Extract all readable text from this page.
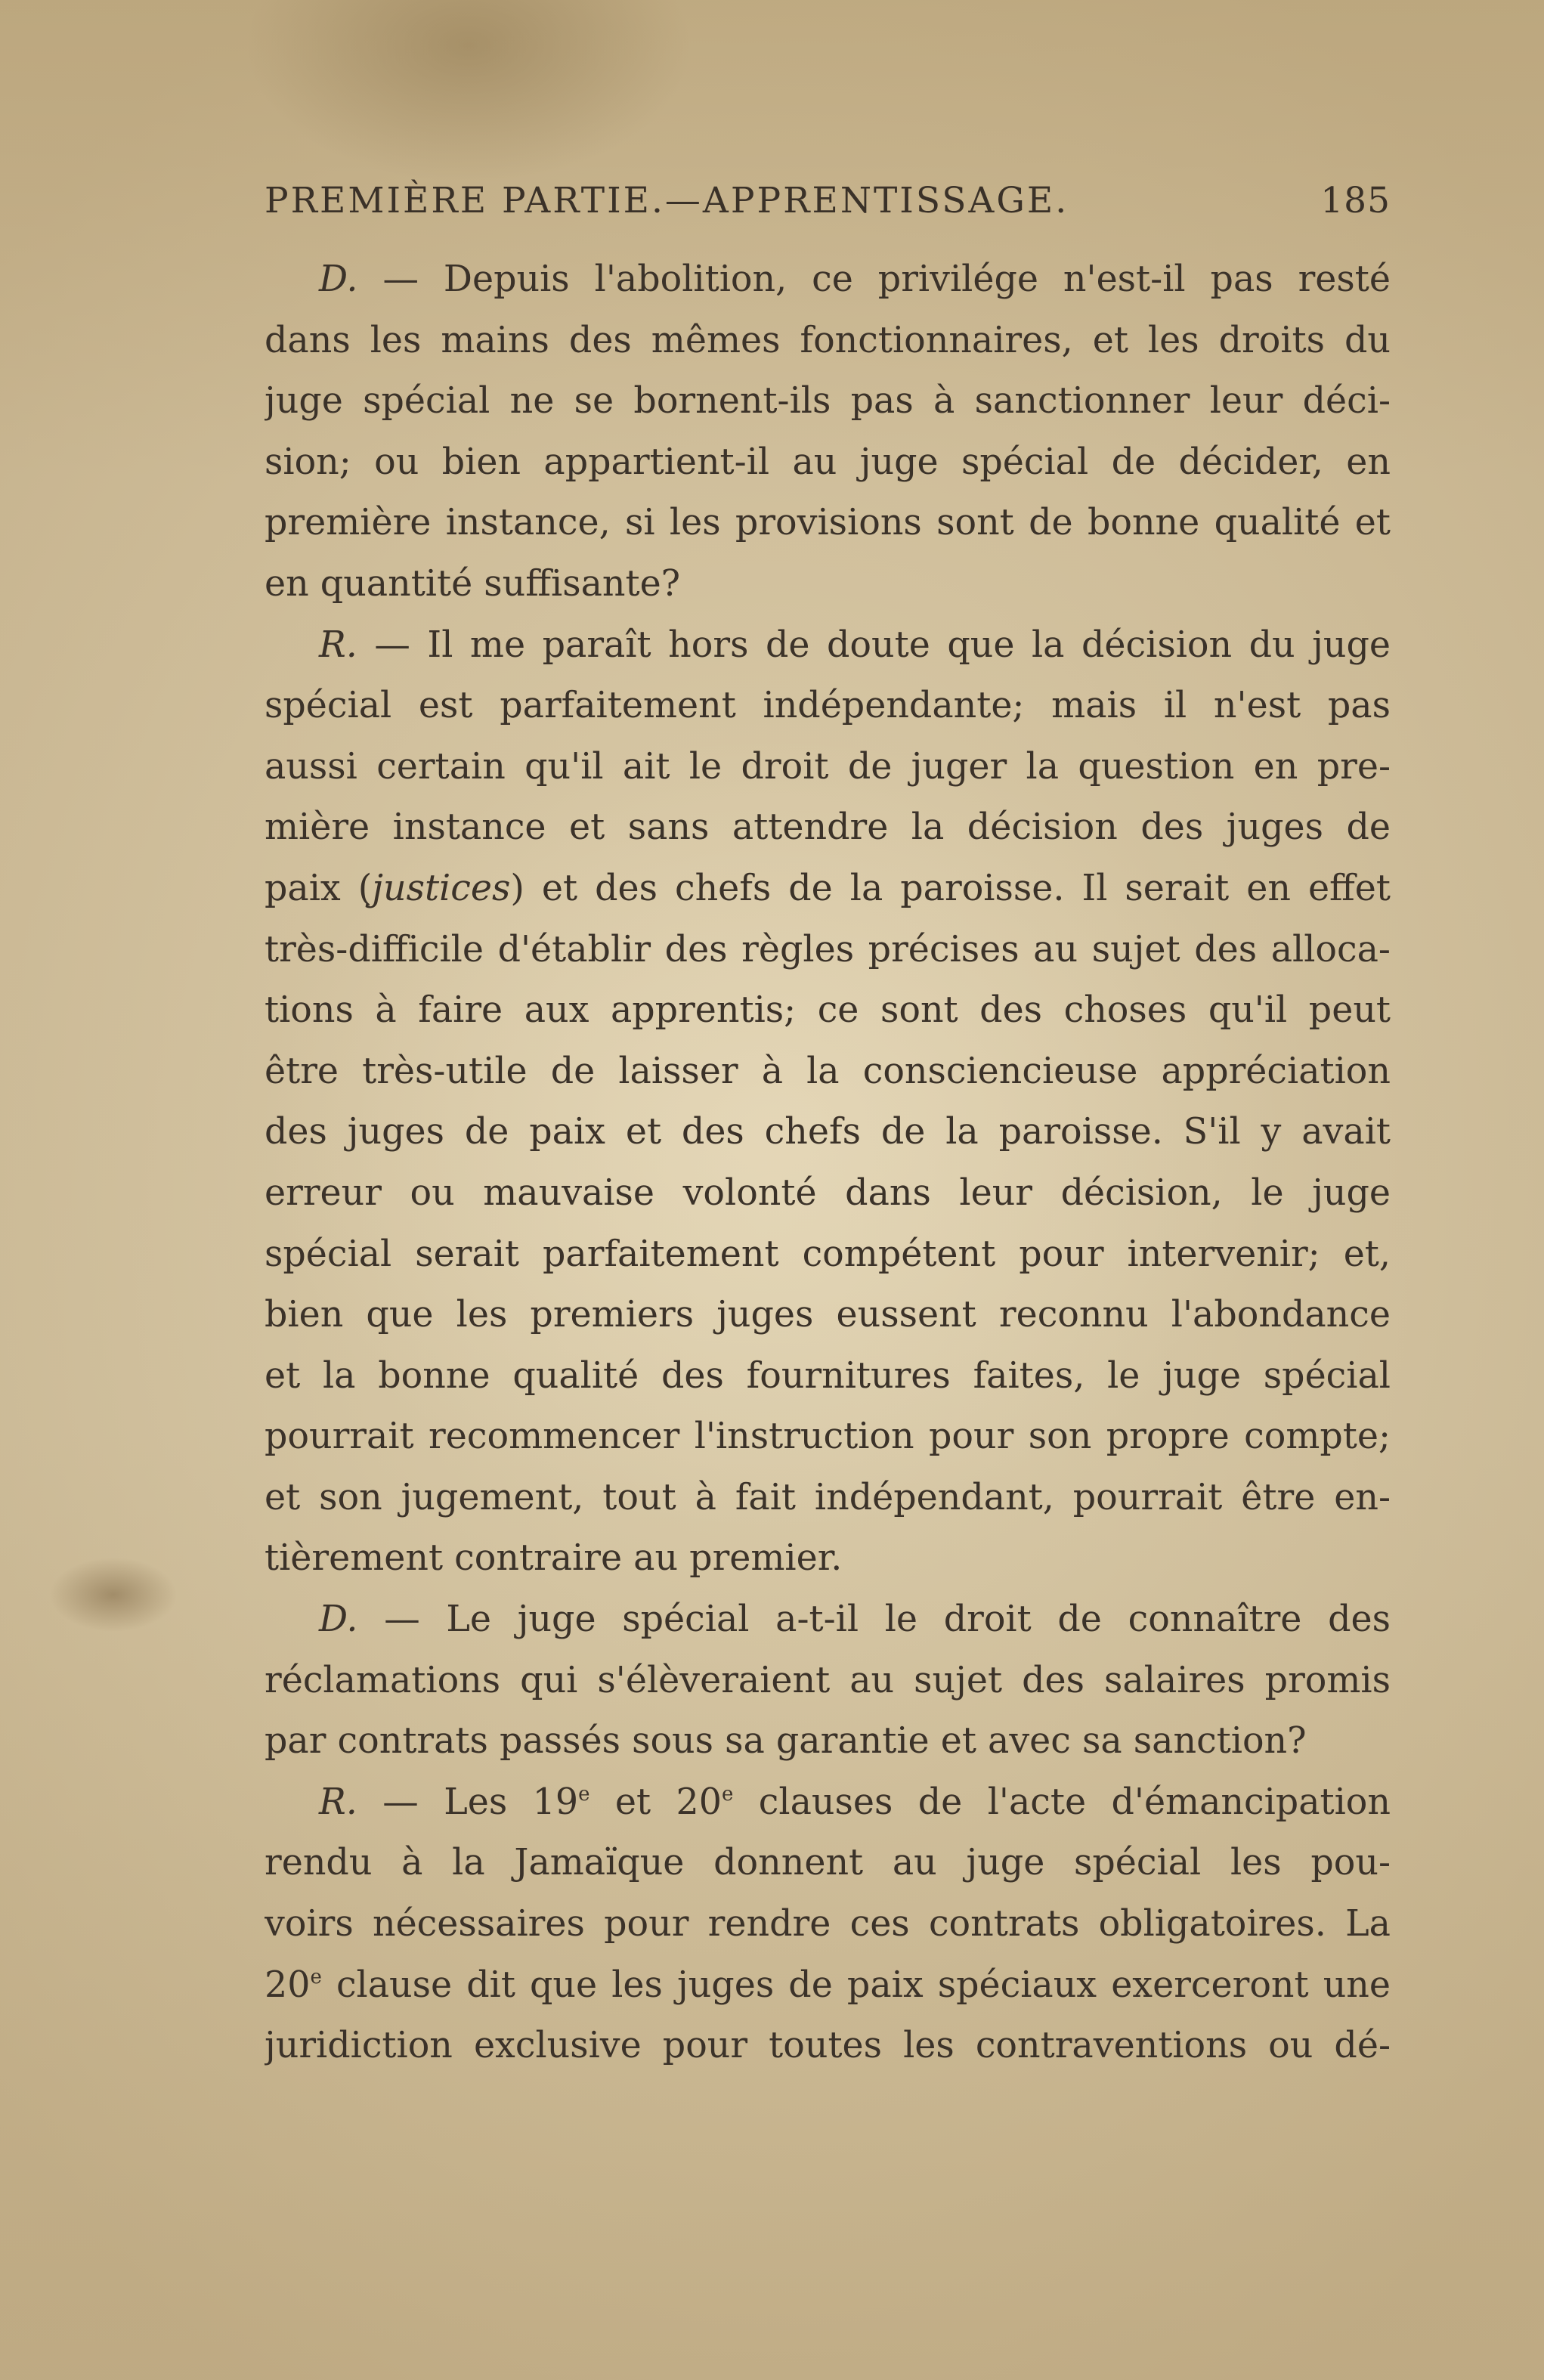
PREMIÈRE PARTIE.—APPRENTISSAGE.	185
D. — Depuis l'abolition, ce privilége n'est-il pas resté
dans les mains des mêmes fonctionnaires, et les droits du
juge spécial ne se bornent-ils pas à sanctionner leur déci-
sion; ou bien appartient-il au juge spécial de décider, en
première instance, si les provisions sont de bonne qualité et
en quantité suffisante?
R. — Il me paraît hors de doute que la décision du juge
spécial est parfaitement indépendante; mais il n'est pas
aussi certain qu'il ait le droit de juger la question en pre-
mière instance et sans attendre la décision des juges de
paix (justices) et des chefs de la paroisse. Il serait en effet
très-difficile d'établir des règles précises au sujet des alloca-
tions à faire aux apprentis; ce sont des choses qu'il peut
être très-utile de laisser à la consciencieuse appréciation
des juges de paix et des chefs de la paroisse. S'il y avait
erreur ou mauvaise volonté dans leur décision, le juge
spécial serait parfaitement compétent pour intervenir; et,
bien que les premiers juges eussent reconnu l'abondance
et la bonne qualité des fournitures faites, le juge spécial
pourrait recommencer l'instruction pour son propre compte;
et son jugement, tout à fait indépendant, pourrait être en-
tièrement contraire au premier.
D. — Le juge spécial a-t-il le droit de connaître des
réclamations qui s'élèveraient au sujet des salaires promis
par contrats passés sous sa garantie et avec sa sanction?
R. — Les 19e et 20e clauses de l'acte d'émancipation
rendu à la Jamaïque donnent au juge spécial les pou-
voirs nécessaires pour rendre ces contrats obligatoires. La
20e clause dit que les juges de paix spéciaux exerceront une
juridiction exclusive pour toutes les contraventions ou dé-
